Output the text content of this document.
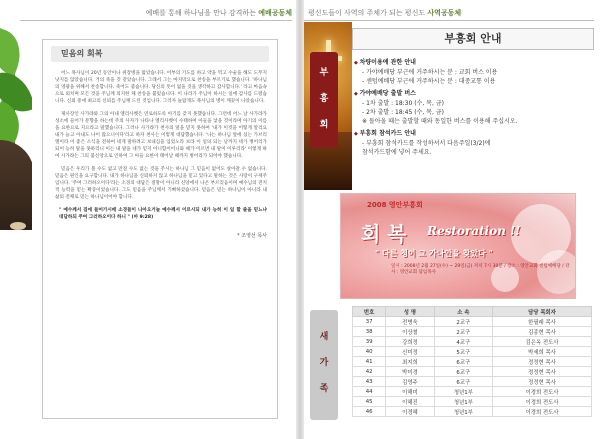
예배를 통해 하나님을 만나 감격하는 예배공동체
믿음의 회복

어느 목사님이 20년 동안이나 위장병을 앓았습니다. 어부의 기도를 하고 약을 먹고 수술을 해도 도무지 낫지를 않았습니다. 거의 죽을 것 같았습니다. 그래서 그는 마지막으로 찬송을 부르기로 했습니다. '하나님의 영광을 위해서 찬송합니다. 죽어도 좋습니다. 당신의 뜻이 없을 것을 생각하고 감사합니다.' 라고 마음속으로 외치며 모든 것을 주님께 의지한 채 찬송을 불렀습니다. 이 나라가 주님이 하시는 일에 감사를 드렸습니다. 신뢰 중에 최고의 신뢰를 주님께 드린 것입니다. 그러자 놀랍게도 목사님의 병이 깨끗이 나았습니다.

제사장인 사가랴와 그의 아내 엘리사벳은 연로하도록 아기를 갖지 못했습니다. 그런데 어느 날 사가랴가 성소에 들어가 분향을 하는데 주의 사자가 나타나 엘리사벳이 수태하여 아들을 낳을 것이라며 아기의 이름을 요한으로 지으라고 말했습니다. 그러나 사가랴가 천사의 말을 믿지 못하여 '내가 이것을 어떻게 알리요 내가 늙고 아내도 나이 많으니이다'라고 하자 천사는 이렇게 대답했습니다. '나는 하나님 앞에 섰는 가브리엘이라 이 좋은 소식을 전하여 네게 말하려고 보내심을 입었노라 보라 이 일의 되는 날까지 네가 벙어리가 되어 능히 말을 못하리니 이는 내 말을 네가 믿지 아니함이어니와 때가 이르면 내 말이 이루리라' 이렇게 하여 사가랴는 그의 불신앙으로 인하여 그 아들 요한이 태어날 때까지 벙어리가 되어야 했습니다.

믿음은 우리가 볼 수도 없고 만질 수도 없는 것을 주시는 하나님 그 믿음이 없어도 살아갈 수 없습니다. 믿음은 원인을 요구합니다. 내가 하나님을 신뢰하지 않고 하나님을 믿고 있다고 말하는 것은 사랑이 구세주입니다. '주여 그러하오이다'라는 소경의 대답은 절망이 아니라 신앙에서 나온 부르짖음이며 예수님의 전지적 능력을 믿는 확증이었습니다. 그도 믿음을 주님께서 기뻐하셨습니다. 믿음은 믿는 하나님이 아니라 내 삶의 전체로 믿는 하나님이어야 합니다.

" 예수께서 집에 들어가시매 소경들이 나아오거늘 예수께서 이르시되 내가 능히 이 일 할 줄을 믿느냐 대답하되 주여 그러하오이다 하니 " (마 9:28)

* 조영선 목사

평신도들이 사역의 주체가 되는 평신도 사역공동체
부
흥
회
부흥회 안내
◆ 차량이용에 관한 안내
- 가야예배당 부근에 거주하시는 분 : 교회 버스 이용
- 센텀예배당 부근에 거주하시는 분 : 대중교통 이용
◆ 가야예배당 출발 버스
- 1차 출발 : 18:30 (수, 목, 금)
- 2차 출발 : 18:45 (수, 목, 금)
※ 돌아올 때는 출발할 때와 동일한 버스를 이용해 주십시오.
◆ 부흥회 참석카드 안내
- 부흥회 참석카드를 작성하셔서 다음주일(3/2)에
참석카드함에 넣어 주세요.
2008 영안부흥회
회 복 Restoration !!
" 다른 청이 그 가나안을 찾았다 "
일시 : 2008년 2월 27일(수) ~ 29일(금) 저녁 7시 30분 / 장소 : 영안교회 센텀예배당 / 강사 : 영안교회 담임목사
새
가
족
번호	성 명	소 속	담당 목회자
37	전병욱	2교구	한필래 목사
38	이상철	2교구	김종현 목사
39	강희정	4교구	김은옥 전도사
40	신미정	5교구	박세희 목사
41	최지희	6교구	정정현 목사
42	박미경	6교구	정정현 목사
43	김영주	6교구	정정현 목사
44	이해미	청년1부	이경희 전도사
45	이혜진	청년1부	이경희 전도사
46	이경혜	청년1부	이경희 전도사
